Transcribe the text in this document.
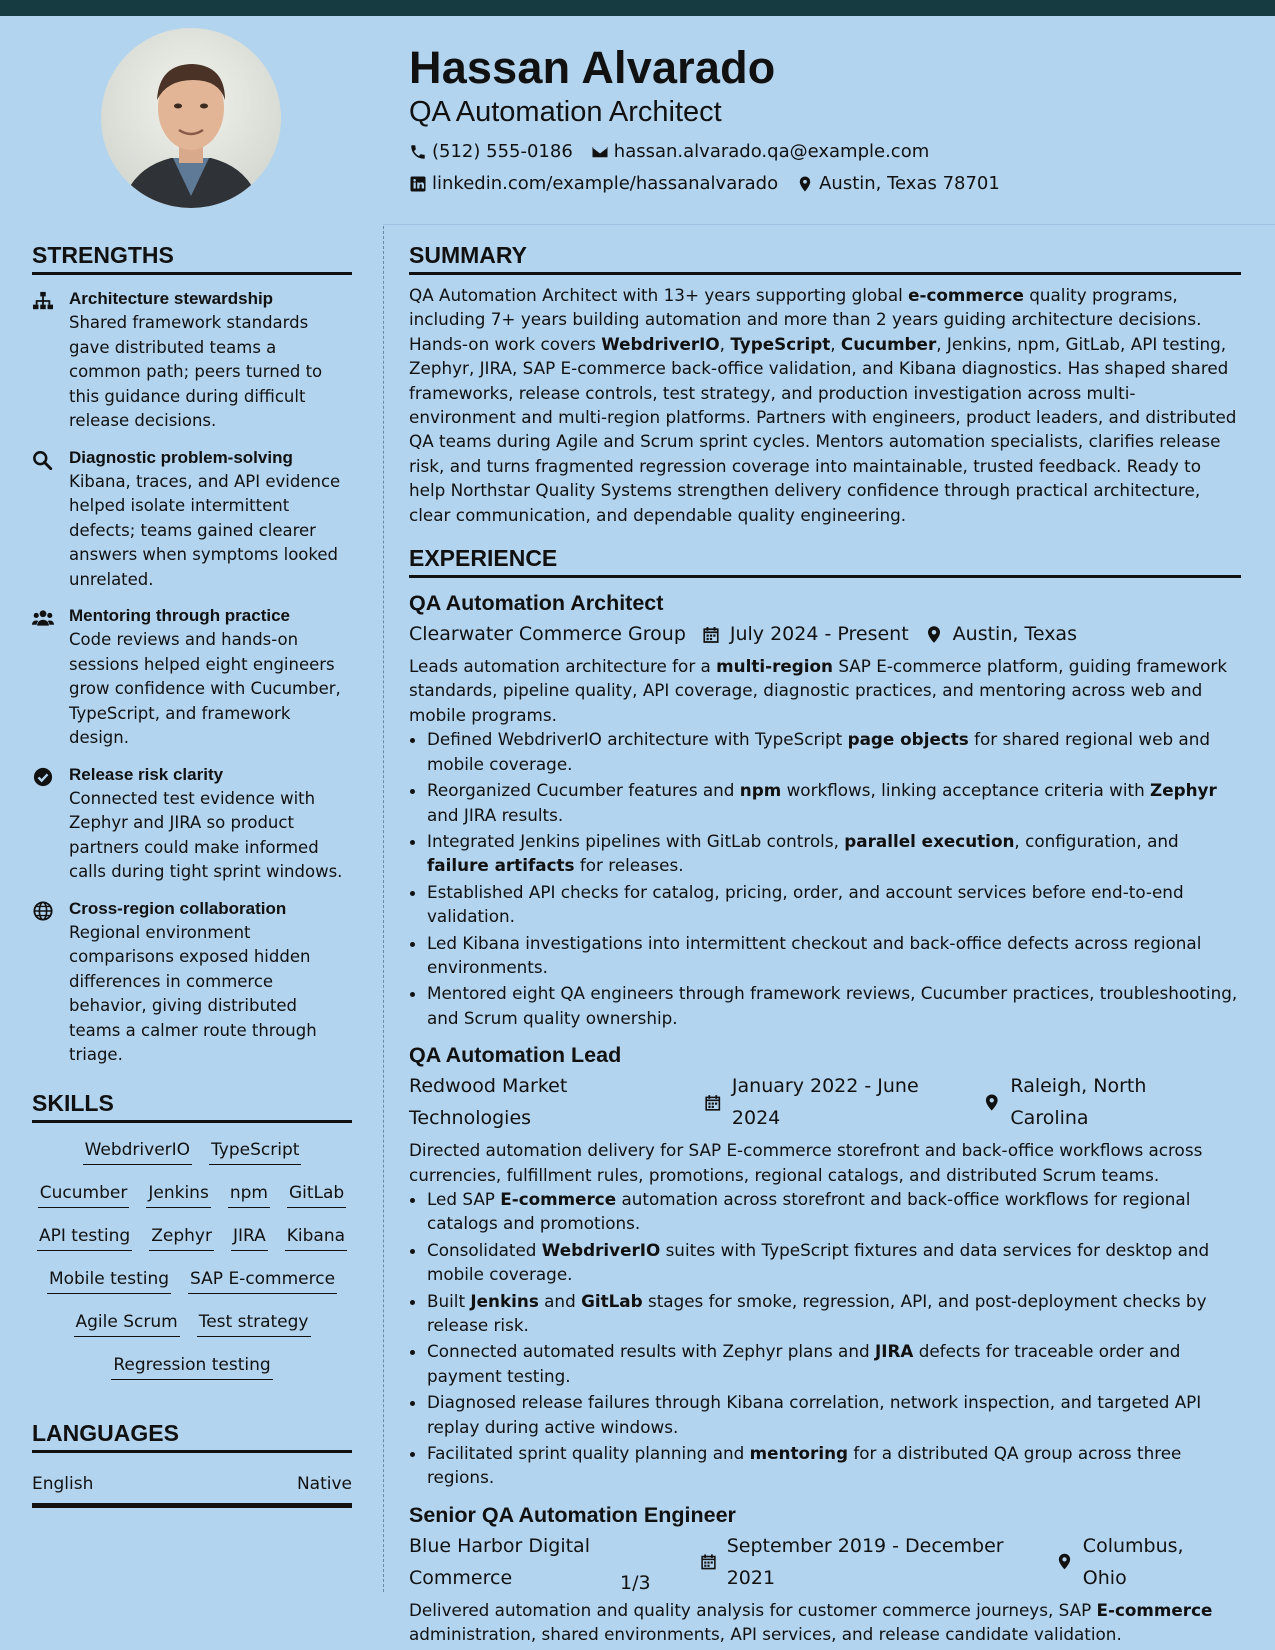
Hassan Alvarado
QA Automation Architect
(512) 555-0186 hassan.alvarado.qa@example.com
linkedin.com/example/hassanalvarado Austin, Texas 78701
STRENGTHS
Architecture stewardship
Shared framework standards gave distributed teams a common path; peers turned to this guidance during difficult release decisions.
Diagnostic problem-solving
Kibana, traces, and API evidence helped isolate intermittent defects; teams gained clearer answers when symptoms looked unrelated.
Mentoring through practice
Code reviews and hands-on sessions helped eight engineers grow confidence with Cucumber, TypeScript, and framework design.
Release risk clarity
Connected test evidence with Zephyr and JIRA so product partners could make informed calls during tight sprint windows.
Cross-region collaboration
Regional environment comparisons exposed hidden differences in commerce behavior, giving distributed teams a calmer route through triage.
SKILLS
WebdriverIO TypeScript
Cucumber Jenkins npm GitLab
API testing Zephyr JIRA Kibana
Mobile testing SAP E-commerce
Agile Scrum Test strategy
Regression testing
LANGUAGES
English	Native
SUMMARY

QA Automation Architect with 13+ years supporting global e-commerce quality programs, including 7+ years building automation and more than 2 years guiding architecture decisions. Hands-on work covers WebdriverIO, TypeScript, Cucumber, Jenkins, npm, GitLab, API testing, Zephyr, JIRA, SAP E-commerce back-office validation, and Kibana diagnostics. Has shaped shared frameworks, release controls, test strategy, and production investigation across multi-environment and multi-region platforms. Partners with engineers, product leaders, and distributed QA teams during Agile and Scrum sprint cycles. Mentors automation specialists, clarifies release risk, and turns fragmented regression coverage into maintainable, trusted feedback. Ready to help Northstar Quality Systems strengthen delivery confidence through practical architecture, clear communication, and dependable quality engineering.

EXPERIENCE
QA Automation Architect
Clearwater Commerce Group July 2024 - Present Austin, Texas
Leads automation architecture for a multi-region SAP E-commerce platform, guiding framework standards, pipeline quality, API coverage, diagnostic practices, and mentoring across web and mobile programs.
• Defined WebdriverIO architecture with TypeScript page objects for shared regional web and mobile coverage.
• Reorganized Cucumber features and npm workflows, linking acceptance criteria with Zephyr and JIRA results.
• Integrated Jenkins pipelines with GitLab controls, parallel execution, configuration, and failure artifacts for releases.
• Established API checks for catalog, pricing, order, and account services before end-to-end validation.
• Led Kibana investigations into intermittent checkout and back-office defects across regional environments.
• Mentored eight QA engineers through framework reviews, Cucumber practices, troubleshooting, and Scrum quality ownership.
QA Automation Lead
Redwood Market Technologies
January 2022 - June 2024
Raleigh, North Carolina
Directed automation delivery for SAP E-commerce storefront and back-office workflows across currencies, fulfillment rules, promotions, regional catalogs, and distributed Scrum teams.
• Led SAP E-commerce automation across storefront and back-office workflows for regional catalogs and promotions.
• Consolidated WebdriverIO suites with TypeScript fixtures and data services for desktop and mobile coverage.
• Built Jenkins and GitLab stages for smoke, regression, API, and post-deployment checks by release risk.
• Connected automated results with Zephyr plans and JIRA defects for traceable order and payment testing.
• Diagnosed release failures through Kibana correlation, network inspection, and targeted API replay during active windows.
• Facilitated sprint quality planning and mentoring for a distributed QA group across three regions.
Senior QA Automation Engineer
Blue Harbor Digital Commerce
September 2019 - December 2021
Columbus, Ohio
Delivered automation and quality analysis for customer commerce journeys, SAP E-commerce administration, shared environments, API services, and release candidate validation.
1/3
